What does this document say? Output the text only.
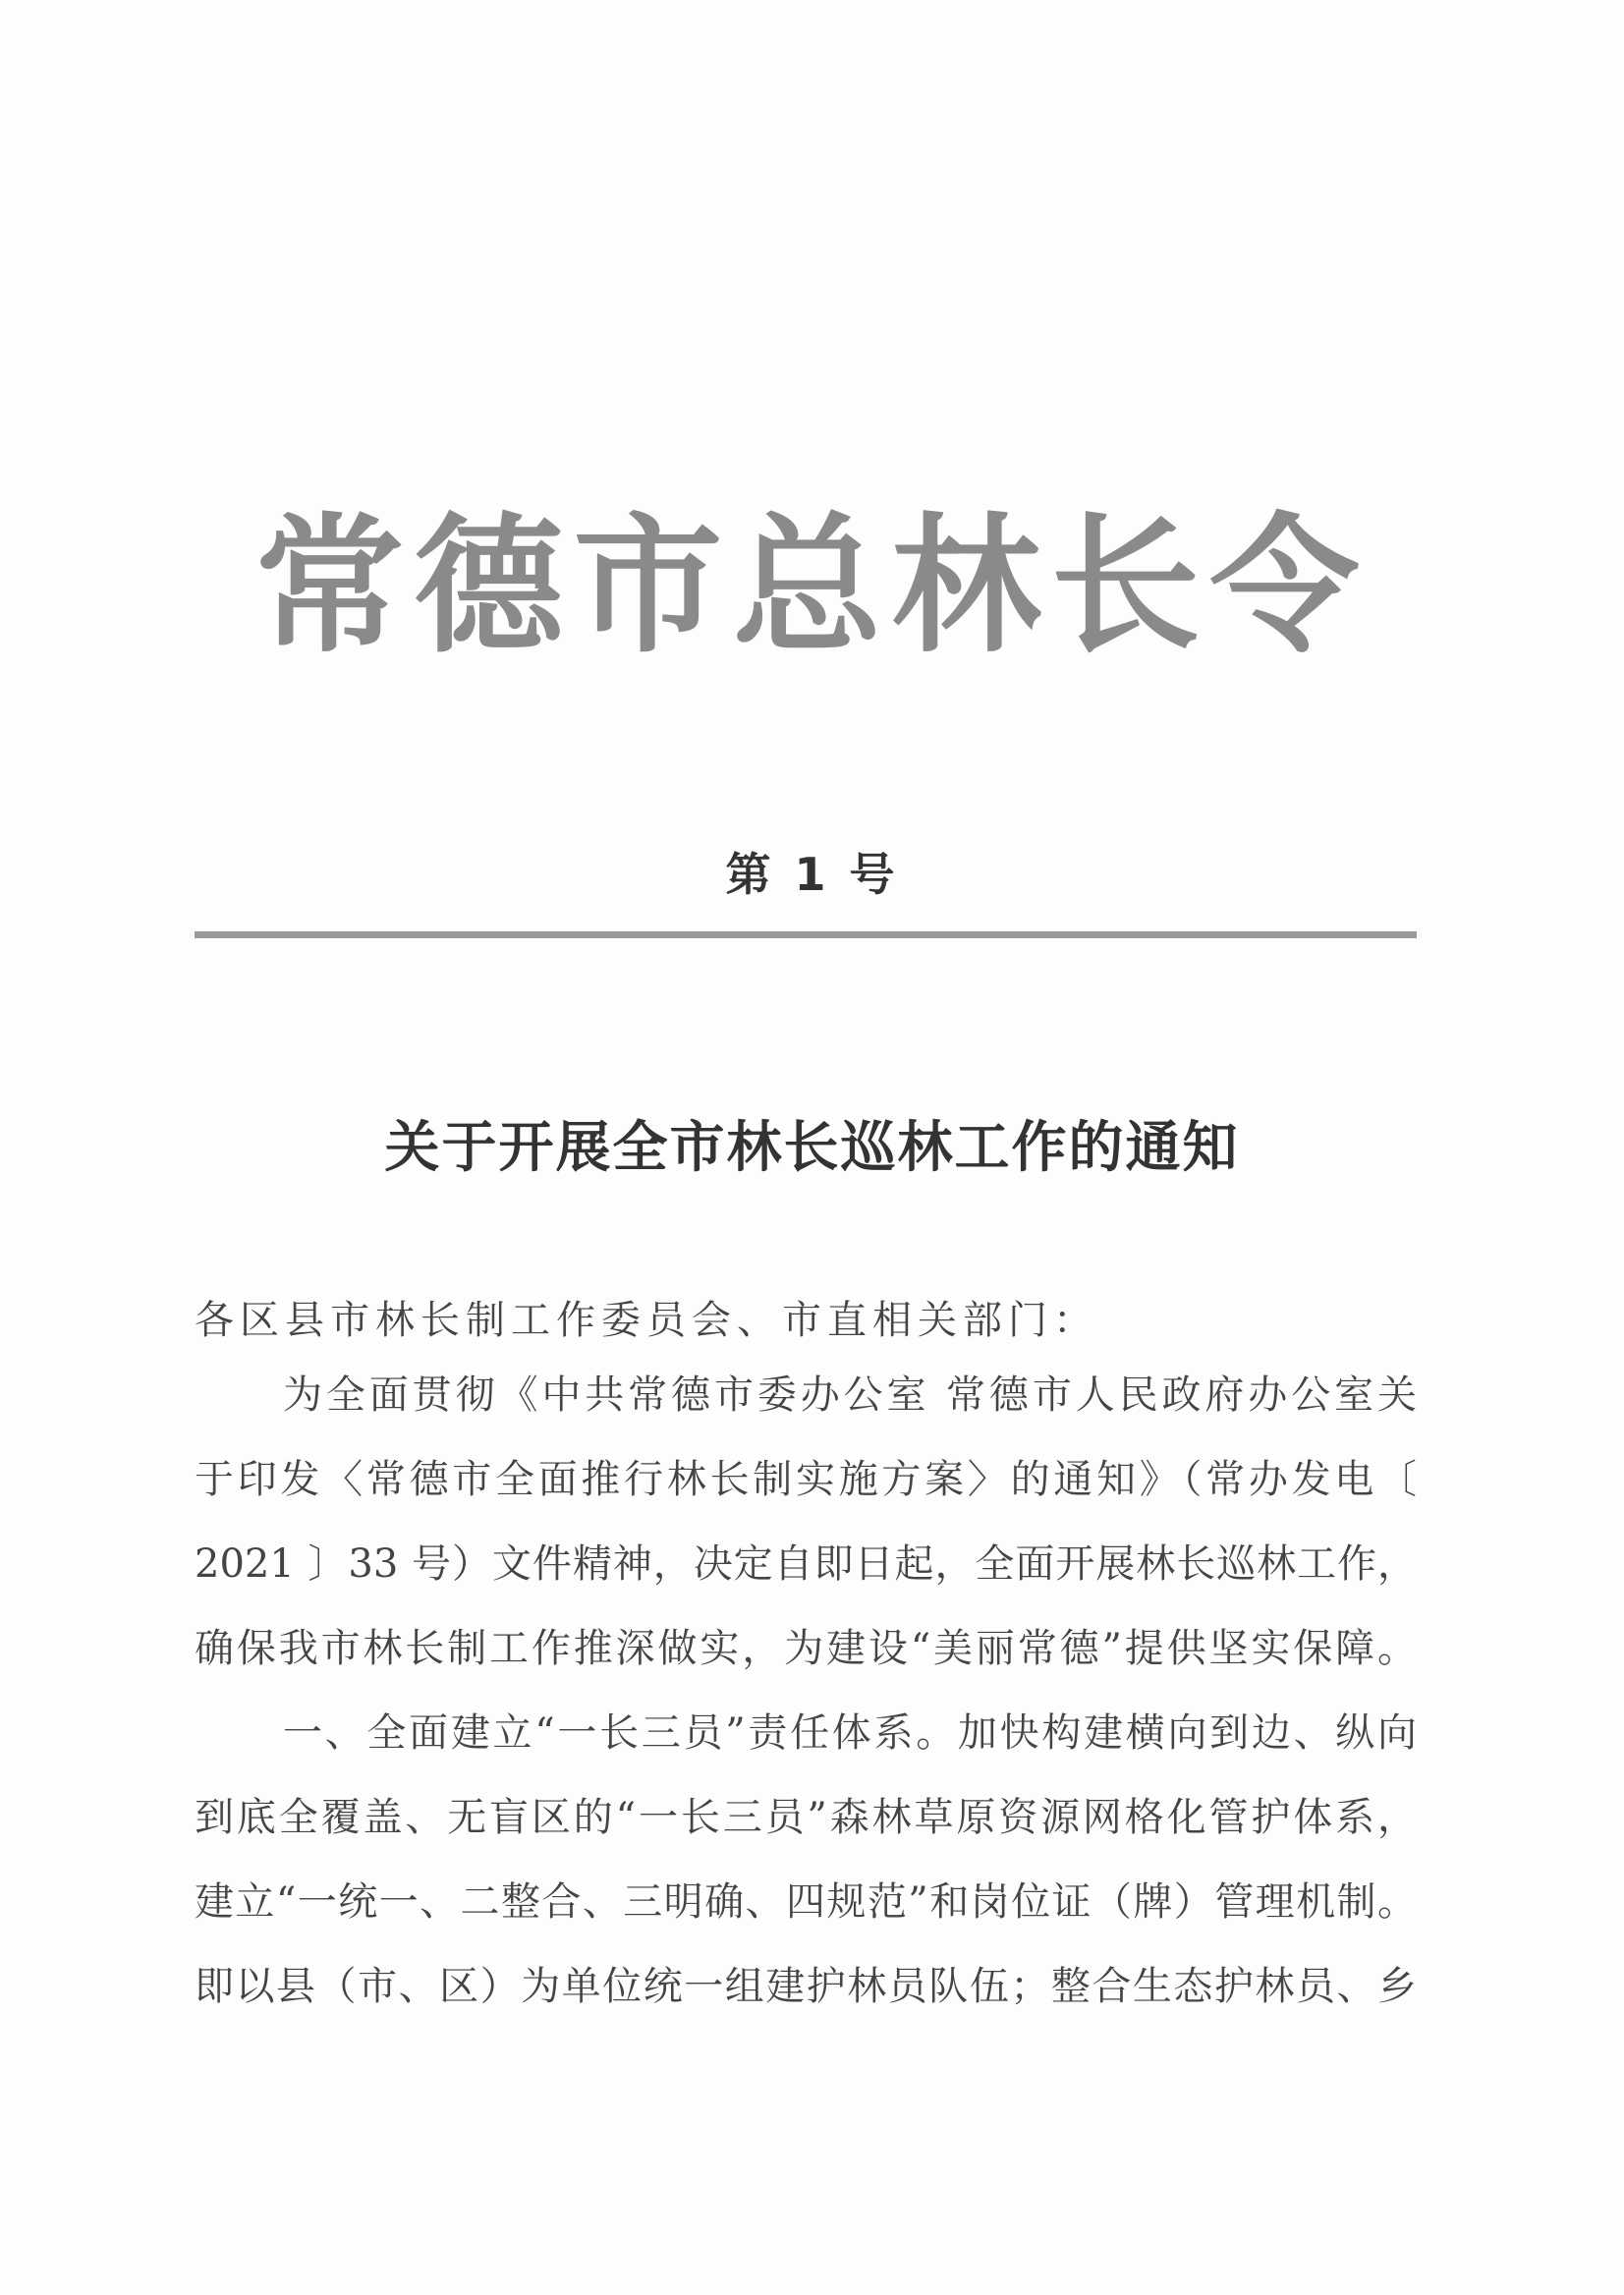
常德市总林长令
第 1 号
关于开展全市林长巡林工作的通知
各区县市林长制工作委员会、市直相关部门：
为全面贯彻《中共常德市委办公室 常德市人民政府办公室关
于印发〈常德市全面推行林长制实施方案〉的通知》（常办发电〔
2021 〕33 号）文件精神，决定自即日起，全面开展林长巡林工作，
确保我市林长制工作推深做实，为建设“美丽常德”提供坚实保障。
一、全面建立“一长三员”责任体系。加快构建横向到边、纵向
到底全覆盖、无盲区的“一长三员”森林草原资源网格化管护体系，
建立“一统一、二整合、三明确、四规范”和岗位证（牌）管理机制。
即以县（市、区）为单位统一组建护林员队伍；整合生态护林员、乡
